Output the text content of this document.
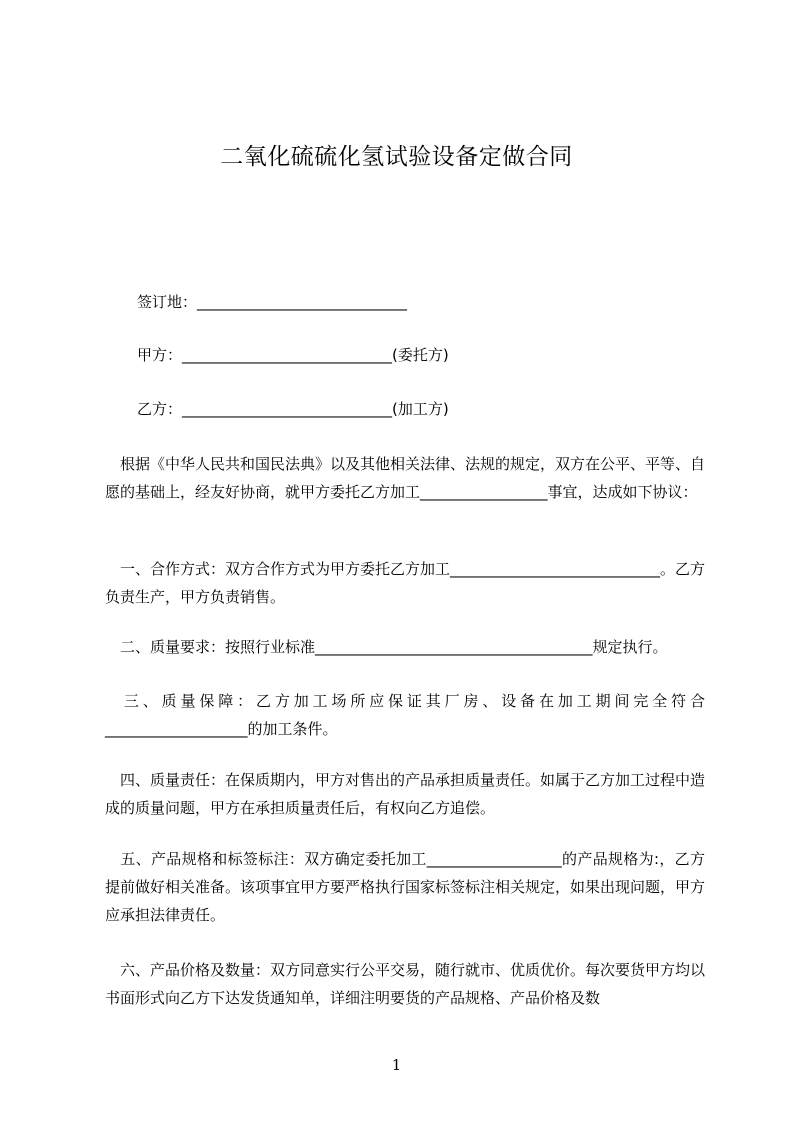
二氧化硫硫化氢试验设备定做合同
签订地：____________________________
甲方：____________________________(委托方)
乙方：____________________________(加工方)
　根据《中华人民共和国民法典》以及其他相关法律、法规的规定，双方在公平、平等、自愿的基础上，经友好协商，就甲方委托乙方加工_________________事宜，达成如下协议：
　一、合作方式：双方合作方式为甲方委托乙方加工____________________________。乙方负责生产，甲方负责销售。
　二、质量要求：按照行业标准_____________________________________规定执行。
　三、质量保障：乙方加工场所应保证其厂房、设备在加工期间完全符合___________________的加工条件。
　四、质量责任：在保质期内，甲方对售出的产品承担质量责任。如属于乙方加工过程中造成的质量问题，甲方在承担质量责任后，有权向乙方追偿。
　五、产品规格和标签标注：双方确定委托加工__________________的产品规格为:，乙方提前做好相关准备。该项事宜甲方要严格执行国家标签标注相关规定，如果出现问题，甲方应承担法律责任。
　六、产品价格及数量：双方同意实行公平交易，随行就市、优质优价。每次要货甲方均以书面形式向乙方下达发货通知单，详细注明要货的产品规格、产品价格及数
1
